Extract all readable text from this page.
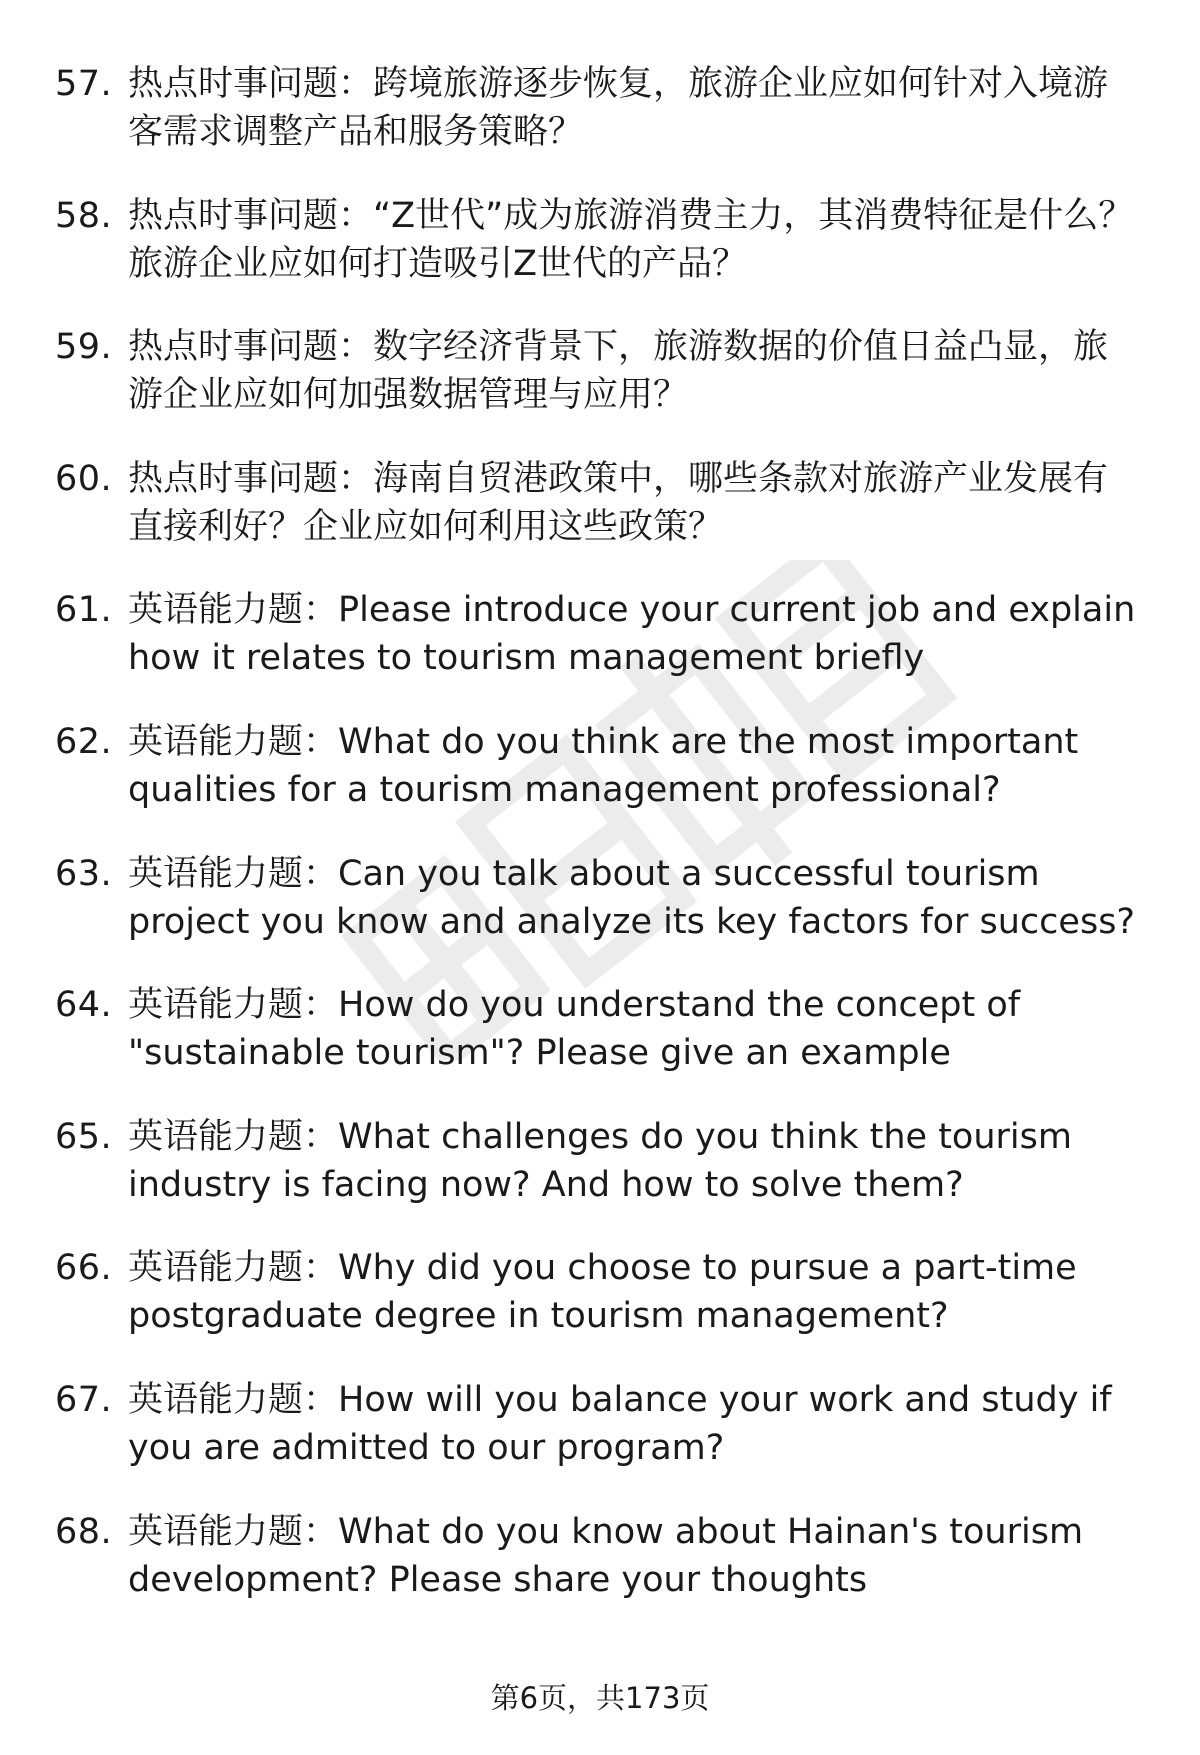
57. 热点时事问题：跨境旅游逐步恢复，旅游企业应如何针对入境游客需求调整产品和服务策略？
58. 热点时事问题：“Z世代”成为旅游消费主力，其消费特征是什么？旅游企业应如何打造吸引Z世代的产品？
59. 热点时事问题：数字经济背景下，旅游数据的价值日益凸显，旅游企业应如何加强数据管理与应用？
60. 热点时事问题：海南自贸港政策中，哪些条款对旅游产业发展有直接利好？企业应如何利用这些政策？
61. 英语能力题：Please introduce your current job and explain how it relates to tourism management briefly
62. 英语能力题：What do you think are the most important qualities for a tourism management professional?
63. 英语能力题：Can you talk about a successful tourism project you know and analyze its key factors for success?
64. 英语能力题：How do you understand the concept of "sustainable tourism"? Please give an example
65. 英语能力题：What challenges do you think the tourism industry is facing now? And how to solve them?
66. 英语能力题：Why did you choose to pursue a part-time postgraduate degree in tourism management?
67. 英语能力题：How will you balance your work and study if you are admitted to our program?
68. 英语能力题：What do you know about Hainan's tourism development? Please share your thoughts
第6页，共173页
